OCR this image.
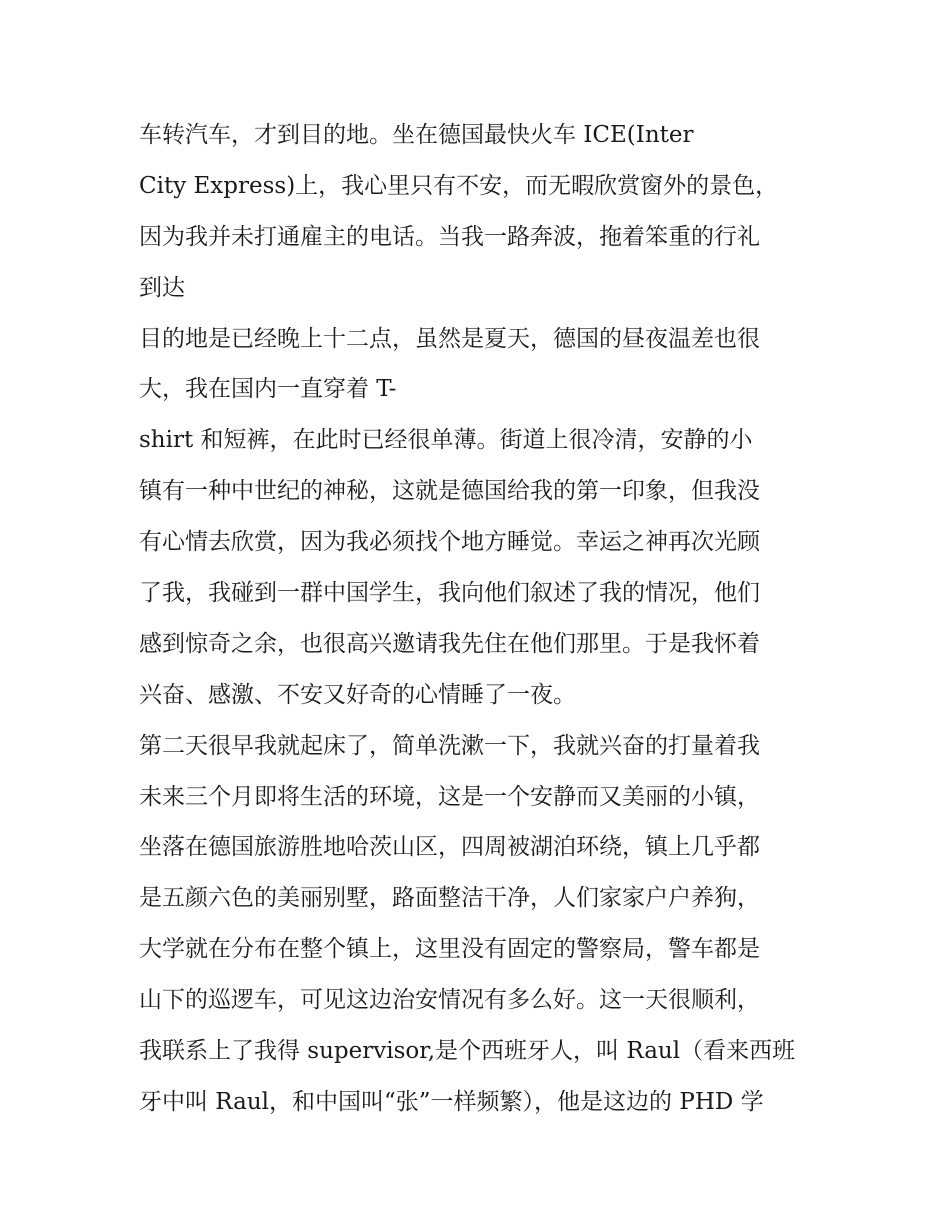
车转汽车，才到目的地。坐在德国最快火车 ICE(Inter
City Express)上，我心里只有不安，而无暇欣赏窗外的景色，
因为我并未打通雇主的电话。当我一路奔波，拖着笨重的行礼
到达
目的地是已经晚上十二点，虽然是夏天，德国的昼夜温差也很
大，我在国内一直穿着 T-
shirt 和短裤，在此时已经很单薄。街道上很冷清，安静的小
镇有一种中世纪的神秘，这就是德国给我的第一印象，但我没
有心情去欣赏，因为我必须找个地方睡觉。幸运之神再次光顾
了我，我碰到一群中国学生，我向他们叙述了我的情况，他们
感到惊奇之余，也很高兴邀请我先住在他们那里。于是我怀着
兴奋、感激、不安又好奇的心情睡了一夜。
第二天很早我就起床了，简单洗漱一下，我就兴奋的打量着我
未来三个月即将生活的环境，这是一个安静而又美丽的小镇，
坐落在德国旅游胜地哈茨山区，四周被湖泊环绕，镇上几乎都
是五颜六色的美丽别墅，路面整洁干净，人们家家户户养狗，
大学就在分布在整个镇上，这里没有固定的警察局，警车都是
山下的巡逻车，可见这边治安情况有多么好。这一天很顺利，
我联系上了我得 supervisor,是个西班牙人，叫 Raul（看来西班
牙中叫 Raul，和中国叫“张”一样频繁），他是这边的 PHD 学
